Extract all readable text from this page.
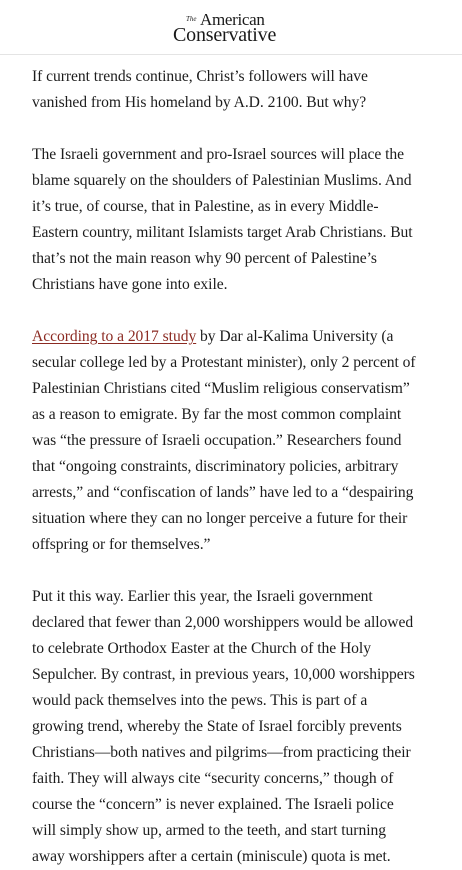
The American
Conservative

If current trends continue, Christ’s followers will have
vanished from His homeland by A.D. 2100. But why?

The Israeli government and pro-Israel sources will place the
blame squarely on the shoulders of Palestinian Muslims. And
it’s true, of course, that in Palestine, as in every Middle-
Eastern country, militant Islamists target Arab Christians. But
that’s not the main reason why 90 percent of Palestine’s
Christians have gone into exile.

According to a 2017 study by Dar al-Kalima University (a
secular college led by a Protestant minister), only 2 percent of
Palestinian Christians cited “Muslim religious conservatism”
as a reason to emigrate. By far the most common complaint
was “the pressure of Israeli occupation.” Researchers found
that “ongoing constraints, discriminatory policies, arbitrary
arrests,” and “confiscation of lands” have led to a “despairing
situation where they can no longer perceive a future for their
offspring or for themselves.”

Put it this way. Earlier this year, the Israeli government
declared that fewer than 2,000 worshippers would be allowed
to celebrate Orthodox Easter at the Church of the Holy
Sepulcher. By contrast, in previous years, 10,000 worshippers
would pack themselves into the pews. This is part of a
growing trend, whereby the State of Israel forcibly prevents
Christians—both natives and pilgrims—from practicing their
faith. They will always cite “security concerns,” though of
course the “concern” is never explained. The Israeli police
will simply show up, armed to the teeth, and start turning
away worshippers after a certain (miniscule) quota is met.
